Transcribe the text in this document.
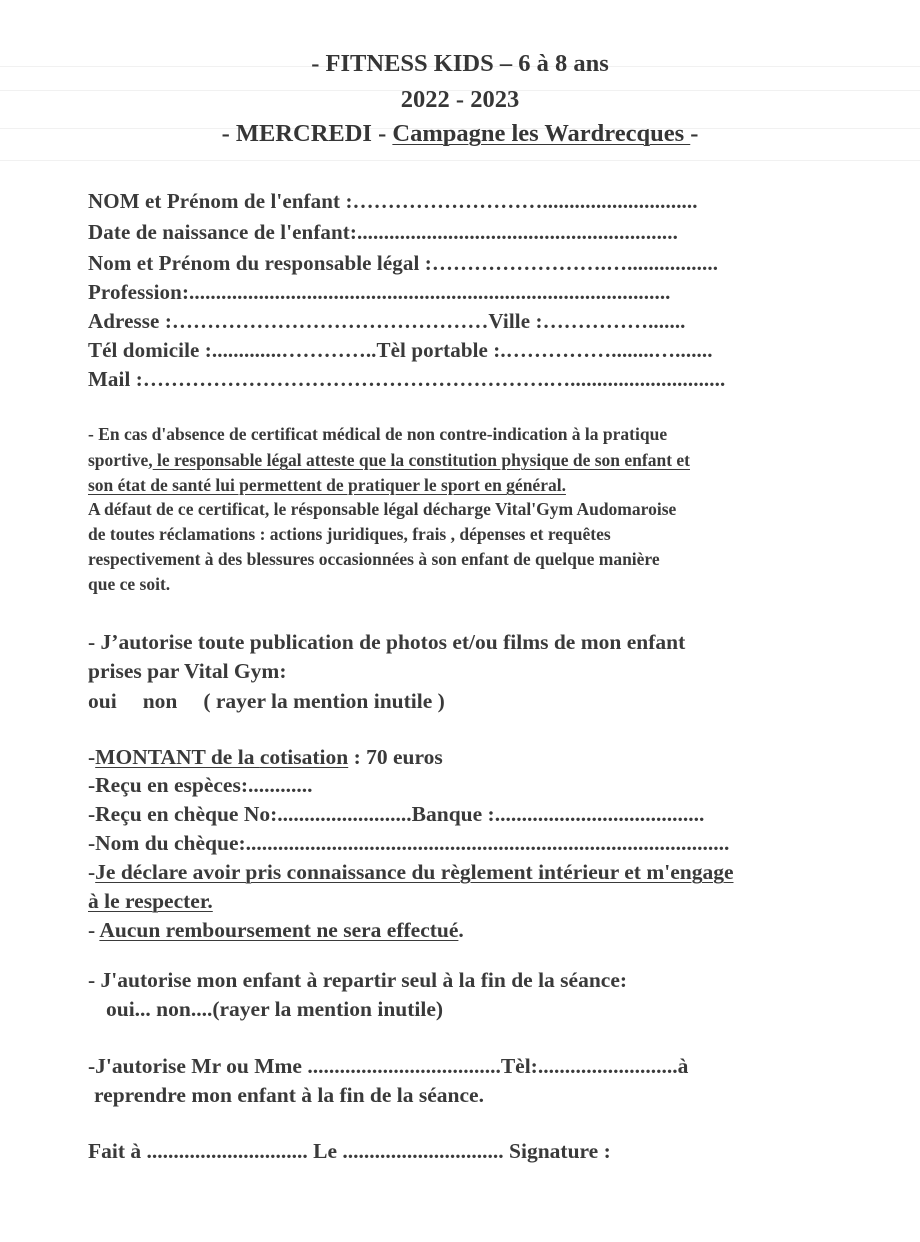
- FITNESS KIDS – 6 à 8 ans

2022 - 2023

- MERCREDI - Campagne les Wardrecques -

NOM et Prénom de l'enfant :……………………….............................

Date de naissance de l'enfant:............................................................

Nom et Prénom du responsable légal :…………………….….................

Profession:..........................................................................................

Adresse :………………………………………Ville :…………….......

Tél domicile :.............…………..Tèl portable :.……………........….......

Mail :………………………………………………….….............................

- En cas d'absence de certificat médical de non contre-indication à la pratique

sportive, le responsable légal atteste que la constitution physique de son enfant et

son état de santé lui permettent de pratiquer le sport en général.

A défaut de ce certificat, le résponsable légal décharge Vital'Gym Audomaroise

de toutes réclamations : actions juridiques, frais , dépenses et requêtes

respectivement à des blessures occasionnées à son enfant de quelque manière

que ce soit.

- J’autorise toute publication de photos et/ou films de mon enfant

prises par Vital Gym:

oui non ( rayer la mention inutile )

-MONTANT de la cotisation : 70 euros

-Reçu en espèces:............

-Reçu en chèque No:.........................Banque :.......................................

-Nom du chèque:..........................................................................................

-Je déclare avoir pris connaissance du règlement intérieur et m'engage

à le respecter.

- Aucun remboursement ne sera effectué.

- J'autorise mon enfant à repartir seul à la fin de la séance:

oui... non....(rayer la mention inutile)

-J'autorise Mr ou Mme ....................................Tèl:..........................à

reprendre mon enfant à la fin de la séance.

Fait à .............................. Le .............................. Signature :
